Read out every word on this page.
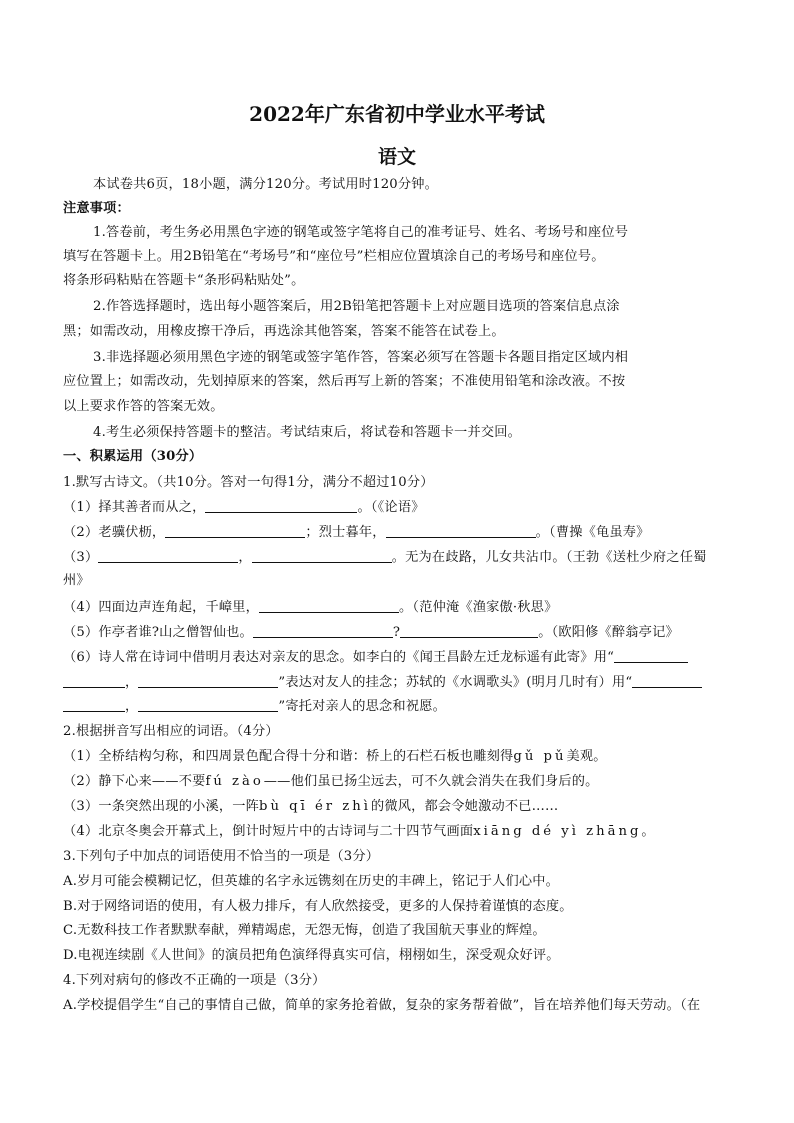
2022年广东省初中学业水平考试
语文
本试卷共6页，18小题，满分120分。考试用时120分钟。
注意事项：
1.答卷前，考生务必用黑色字迹的钢笔或签字笔将自己的准考证号、姓名、考场号和座位号
填写在答题卡上。用2B铅笔在“考场号”和“座位号”栏相应位置填涂自己的考场号和座位号。
将条形码粘贴在答题卡“条形码粘贴处”。
2.作答选择题时，选出每小题答案后，用2B铅笔把答题卡上对应题目选项的答案信息点涂
黑；如需改动，用橡皮擦干净后，再选涂其他答案，答案不能答在试卷上。
3.非选择题必须用黑色字迹的钢笔或签字笔作答，答案必须写在答题卡各题目指定区域内相
应位置上；如需改动，先划掉原来的答案，然后再写上新的答案；不准使用铅笔和涂改液。不按
以上要求作答的答案无效。
4.考生必须保持答题卡的整洁。考试结束后，将试卷和答题卡一并交回。
一、积累运用（30分）
1.默写古诗文。（共10分。答对一句得1分，满分不超过10分）
（1）择其善者而从之，	。（《论语》
（2）老骥伏枥，	；烈士暮年，	。（曹操《龟虽寿》
（3）	，	。无为在歧路，儿女共沾巾。（王勃《送杜少府之任蜀
州》
（4）四面边声连角起，千嶂里，	。（范仲淹《渔家傲·秋思》
（5）作亭者谁?山之僧智仙也。	?	。（欧阳修《醉翁亭记》
（6）诗人常在诗词中借明月表达对亲友的思念。如李白的《闻王昌龄左迁龙标遥有此寄》用“
，	”表达对友人的挂念；苏轼的《水调歌头》(明月几时有）用“
，	”寄托对亲人的思念和祝愿。
2.根据拼音写出相应的词语。（4分）
（1）全桥结构匀称，和四周景色配合得十分和谐：桥上的石栏石板也雕刻得gǔ pǔ美观。
（2）静下心来——不要fú zào——他们虽已扬尘远去，可不久就会消失在我们身后的。
（3）一条突然出现的小溪，一阵bù qī ér zhì的微风，都会令她激动不已……
（4）北京冬奥会开幕式上，倒计时短片中的古诗词与二十四节气画面xiāng dé yì zhāng。
3.下列句子中加点的词语使用不恰当的一项是（3分）
A.岁月可能会模糊记忆，但英雄的名字永远镌刻在历史的丰碑上，铭记于人们心中。
B.对于网络词语的使用，有人极力排斥，有人欣然接受，更多的人保持着谨慎的态度。
C.无数科技工作者默默奉献，殚精竭虑，无怨无悔，创造了我国航天事业的辉煌。
D.电视连续剧《人世间》的演员把角色演绎得真实可信，栩栩如生，深受观众好评。
4.下列对病句的修改不正确的一项是（3分）
A.学校提倡学生“自己的事情自己做，简单的家务抢着做，复杂的家务帮着做”，旨在培养他们每天劳动。（在
